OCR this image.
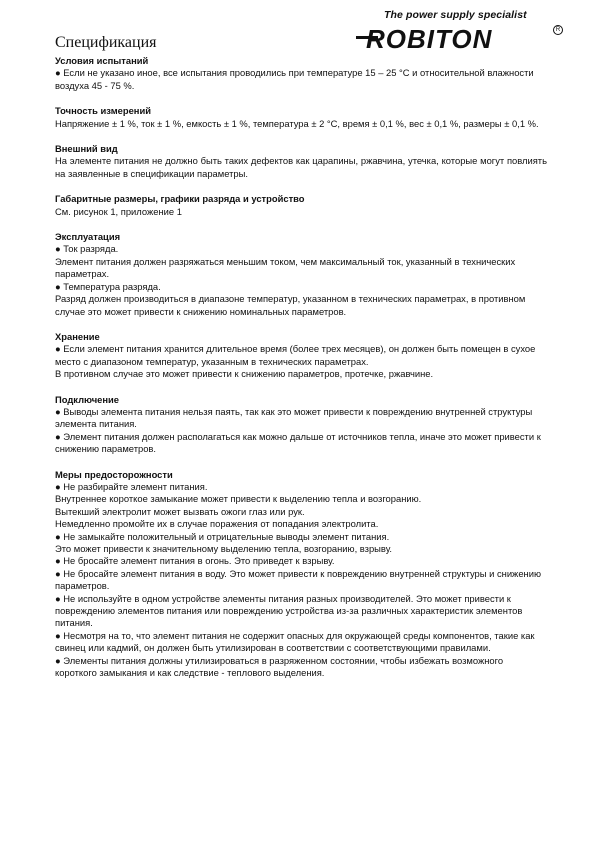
The power supply specialist
ROBITON	R
Спецификация
Условия испытаний

● Если не указано иное, все испытания проводились при температуре 15 – 25 °C и относительной влажности воздуха 45 - 75 %.

Точность измерений

Напряжение ± 1 %, ток ± 1 %, емкость ± 1 %, температура ± 2 °C, время ± 0,1 %, вес ± 0,1 %, размеры ± 0,1 %.

Внешний вид

На элементе питания не должно быть таких дефектов как царапины, ржавчина, утечка, которые могут повлиять на заявленные в спецификации параметры.

Габаритные размеры, графики разряда и устройство

См. рисунок 1, приложение 1

Эксплуатация

● Ток разряда.

Элемент питания должен разряжаться меньшим током, чем максимальный ток, указанный в технических параметрах.

● Температура разряда.

Разряд должен производиться в диапазоне температур, указанном в технических параметрах, в противном случае это может привести к снижению номинальных параметров.

Хранение

● Если элемент питания хранится длительное время (более трех месяцев), он должен быть помещен в сухое место с диапазоном температур, указанным в технических параметрах.

В противном случае это может привести к снижению параметров, протечке, ржавчине.

Подключение

● Выводы элемента питания нельзя паять, так как это может привести к повреждению внутренней структуры элемента питания.

● Элемент питания должен располагаться как можно дальше от источников тепла, иначе это может привести к снижению параметров.

Меры предосторожности

● Не разбирайте элемент питания.

Внутреннее короткое замыкание может привести к выделению тепла и возгоранию.

Вытекший электролит может вызвать ожоги глаз или рук.

Немедленно промойте их в случае поражения от попадания электролита.

● Не замыкайте положительный и отрицательные выводы элемент питания.

Это может привести к значительному выделению тепла, возгоранию, взрыву.

● Не бросайте элемент питания в огонь. Это приведет к взрыву.

● Не бросайте элемент питания в воду. Это может привести к повреждению внутренней структуры и снижению параметров.

● Не используйте в одном устройстве элементы питания разных производителей. Это может привести к повреждению элементов питания или повреждению устройства из-за различных характеристик элементов питания.

● Несмотря на то, что элемент питания не содержит опасных для окружающей среды компонентов, такие как свинец или кадмий, он должен быть утилизирован в соответствии с соответствующими правилами.

● Элементы питания должны утилизироваться в разряженном состоянии, чтобы избежать возможного короткого замыкания и как следствие - теплового выделения.
